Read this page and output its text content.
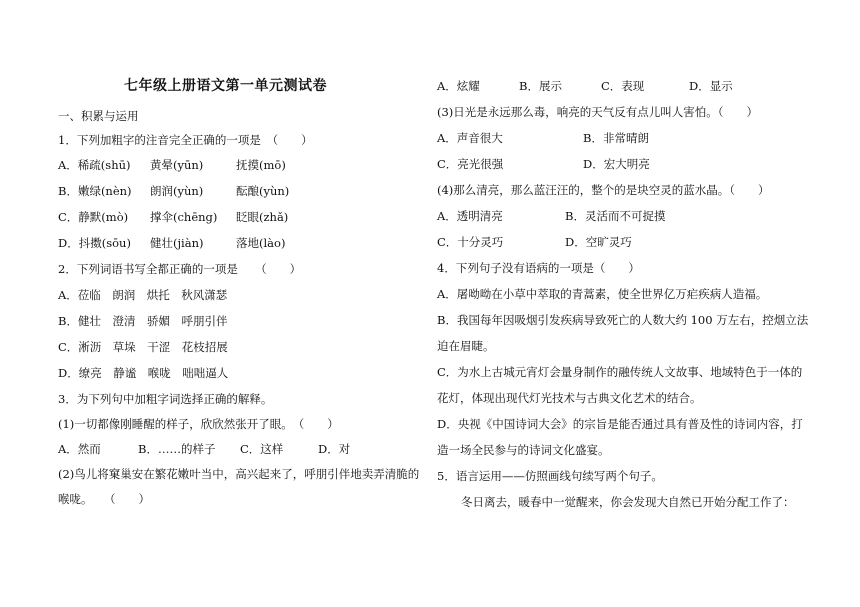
七年级上册语文第一单元测试卷
一、积累与运用
1．下列加粗字的注音完全正确的一项是　（　　）
A．稀疏(shū) 黄晕(yūn)	抚摸(mō)
B．嫩绿(nèn) 朗润(yùn)	酝酿(yùn)
C．静默(mò) 撑伞(chēng) 眨眼(zhǎ)
D．抖擞(sōu) 健壮(jiàn)	落地(lào)
2．下列词语书写全都正确的一项是　　（　　）
A．莅临　朗润　烘托　秋风潇瑟
B．健壮　澄清　骄媚　呼朋引伴
C．淅沥　草垛　干涩　花枝招展
D．缭亮　静谧　喉咙　咄咄逼人
3．为下列句中加粗字词选择正确的解释。
(1)一切都像刚睡醒的样子，欣欣然张开了眼。　（　　）
A．然而	B．……的样子 C．这样	D．对
(2)鸟儿将窠巢安在繁花嫩叶当中，高兴起来了，呼朋引伴地卖弄清脆的
喉咙。　　（　　）
A．炫耀	B．展示	C．表现	D．显示
(3)日光是永远那么毒，响亮的天气反有点儿叫人害怕。（　　）
A．声音很大	B．非常晴朗
C．亮光很强	D．宏大明亮
(4)那么清亮，那么蓝汪汪的，整个的是块空灵的蓝水晶。（　　）
A．透明清亮	B．灵活而不可捉摸
C．十分灵巧	D．空旷灵巧
4．下列句子没有语病的一项是（　　）
A．屠呦呦在小草中萃取的青蒿素，使全世界亿万疟疾病人造福。
B．我国每年因吸烟引发疾病导致死亡的人数大约 100 万左右，控烟立法
迫在眉睫。
C．为水上古城元宵灯会量身制作的融传统人文故事、地域特色于一体的
花灯，体现出现代灯光技术与古典文化艺术的结合。
D．央视《中国诗词大会》的宗旨是能否通过具有普及性的诗词内容，打
造一场全民参与的诗词文化盛宴。
5．语言运用——仿照画线句续写两个句子。
冬日离去，暖春中一觉醒来，你会发现大自然已开始分配工作了：
